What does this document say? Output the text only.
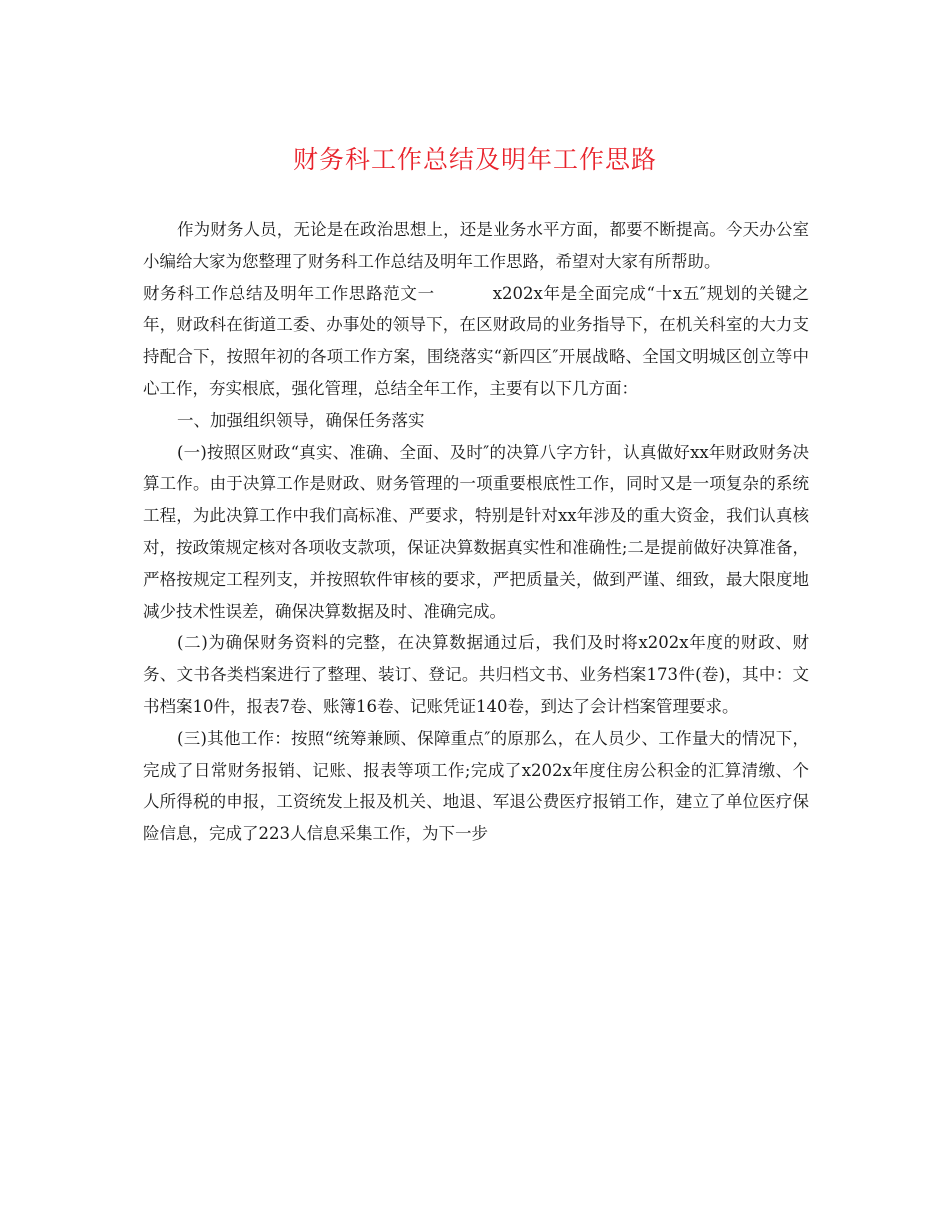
财务科工作总结及明年工作思路

作为财务人员，无论是在政治思想上，还是业务水平方面，都要不断提高。今天办公室小编给大家为您整理了财务科工作总结及明年工作思路，希望对大家有所帮助。

财务科工作总结及明年工作思路范文一	x202x年是全面完成“十x五″规划的关键之年，财政科在街道工委、办事处的领导下，在区财政局的业务指导下，在机关科室的大力支持配合下，按照年初的各项工作方案，围绕落实“新四区″开展战略、全国文明城区创立等中心工作，夯实根底，强化管理，总结全年工作，主要有以下几方面：

一、加强组织领导，确保任务落实

(一)按照区财政“真实、准确、全面、及时″的决算八字方针，认真做好xx年财政财务决算工作。由于决算工作是财政、财务管理的一项重要根底性工作，同时又是一项复杂的系统工程，为此决算工作中我们高标准、严要求，特别是针对xx年涉及的重大资金，我们认真核对，按政策规定核对各项收支款项，保证决算数据真实性和准确性;二是提前做好决算准备，严格按规定工程列支，并按照软件审核的要求，严把质量关，做到严谨、细致，最大限度地减少技术性误差，确保决算数据及时、准确完成。

(二)为确保财务资料的完整，在决算数据通过后，我们及时将x202x年度的财政、财务、文书各类档案进行了整理、装订、登记。共归档文书、业务档案173件(卷)，其中：文书档案10件，报表7卷、账簿16卷、记账凭证140卷，到达了会计档案管理要求。

(三)其他工作：按照“统筹兼顾、保障重点″的原那么，在人员少、工作量大的情况下，完成了日常财务报销、记账、报表等项工作;完成了x202x年度住房公积金的汇算清缴、个人所得税的申报，工资统发上报及机关、地退、军退公费医疗报销工作，建立了单位医疗保险信息，完成了223人信息采集工作，为下一步
